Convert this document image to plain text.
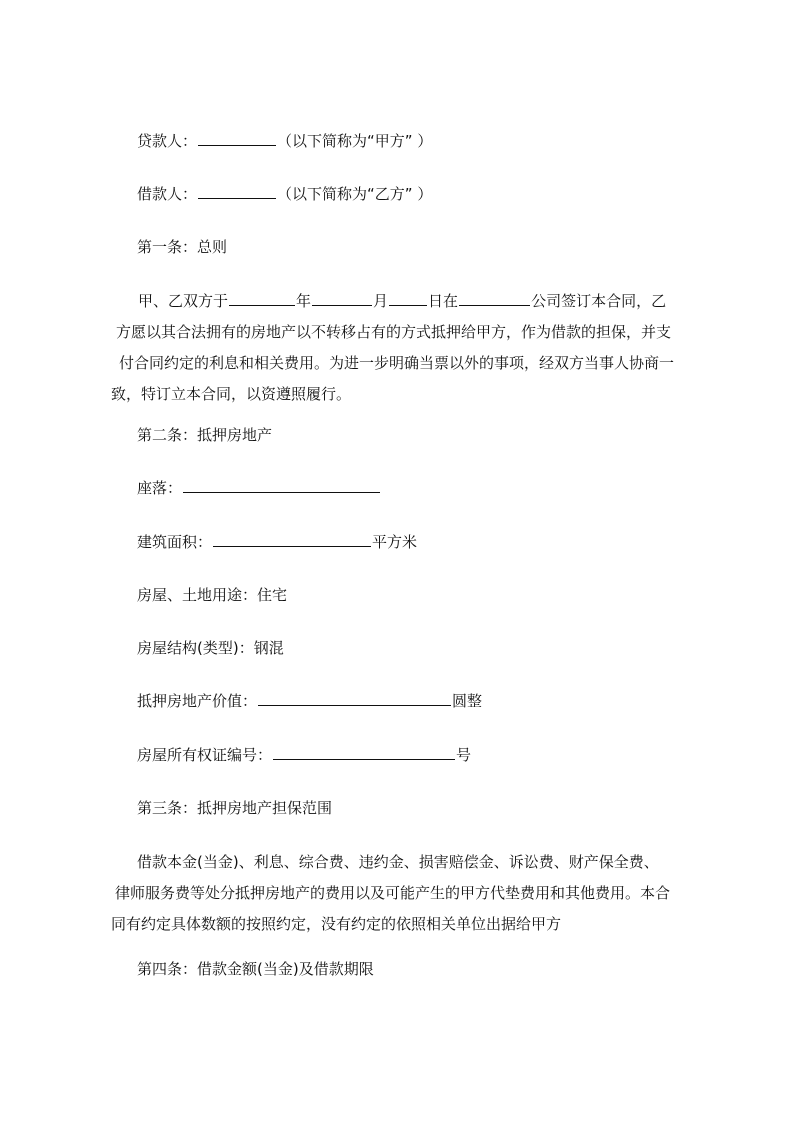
贷款人：	（以下简称为“甲方” ）
借款人：	（以下简称为“乙方” ）
第一条：总则
甲、乙双方于	年	月	日在	公司签订本合同，乙
方愿以其合法拥有的房地产以不转移占有的方式抵押给甲方，作为借款的担保，并支
付合同约定的利息和相关费用。为进一步明确当票以外的事项，经双方当事人协商一
致，特订立本合同，以资遵照履行。
第二条：抵押房地产
座落：
建筑面积：	平方米
房屋、土地用途：住宅
房屋结构(类型)：钢混
抵押房地产价值：	圆整
房屋所有权证编号：	号
第三条：抵押房地产担保范围
借款本金(当金)、利息、综合费、违约金、损害赔偿金、诉讼费、财产保全费、
律师服务费等处分抵押房地产的费用以及可能产生的甲方代垫费用和其他费用。本合
同有约定具体数额的按照约定，没有约定的依照相关单位出据给甲方
第四条：借款金额(当金)及借款期限
